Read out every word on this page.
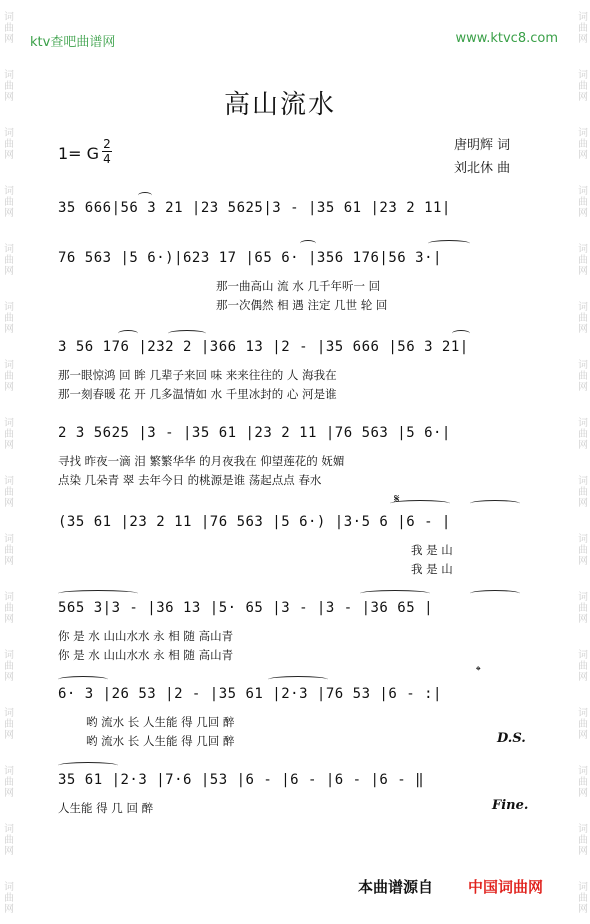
词
曲
网
词
曲
网
词
曲
网
词
曲
网
词
曲
网
词
曲
网
词
曲
网
词
曲
网
词
曲
网
词
曲
网
词
曲
网
词
曲
网
词
曲
网
词
曲
网
词
曲
网
词
曲
网
词
曲
网
词
曲
网
词
曲
网
词
曲
网
词
曲
网
词
曲
网
词
曲
网
词
曲
网
词
曲
网
词
曲
网
词
曲
网
词
曲
网
词
曲
网
词
曲
网
词
曲
网
词
曲
网
ktv查吧曲谱网	www.ktvc8.com
高山流水
1= G 2
4
唐明辉 词
刘北休 曲
35 666|56 3 21 |23 5625|3 - |35 61 |23 2 11|
76 563 |5 6·)|623 17 |65 6· |356 176|56 3·|
那一曲高山 流 水 几千年听一 回
那一次偶然 相 遇 注定 几世 轮 回
3 56 176 |232 2 |366 13 |2 - |35 666 |56 3 21|
那一眼惊鸿 回 眸 几辈子来回 味 来来往往的 人 海我在
那一刻春暖 花 开 几多温情如 水 千里冰封的 心 河是谁
2 3 5625 |3 - |35 61 |23 2 11 |76 563 |5 6·|
寻找 昨夜一滴 泪 繁繁华华 的月夜我在 仰望莲花的 妩媚
点染 几朵青 翠 去年今日 的桃源是谁 荡起点点 春水
(35 61 |23 2 11 |76 563 |5 6·) |3·5 6 |6 - |
𝄋
我 是 山
我 是 山
565 3|3 - |36 13 |5· 65 |3 - |3 - |36 65 |
你 是 水 山山水水 永 相 随 高山青
你 是 水 山山水水 永 相 随 高山青
6· 3 |26 53 |2 - |35 61 |2·3 |76 53 |6 - :|
𝄌
哟 流水 长 人生能 得 几回 醉
哟 流水 长 人生能 得 几回 醉	D.S.
35 61 |2·3 |7·6 |53 |6 - |6 - |6 - |6 - ‖
人生能 得 几 回 醉	Fine.
本曲谱源自 中国词曲网
